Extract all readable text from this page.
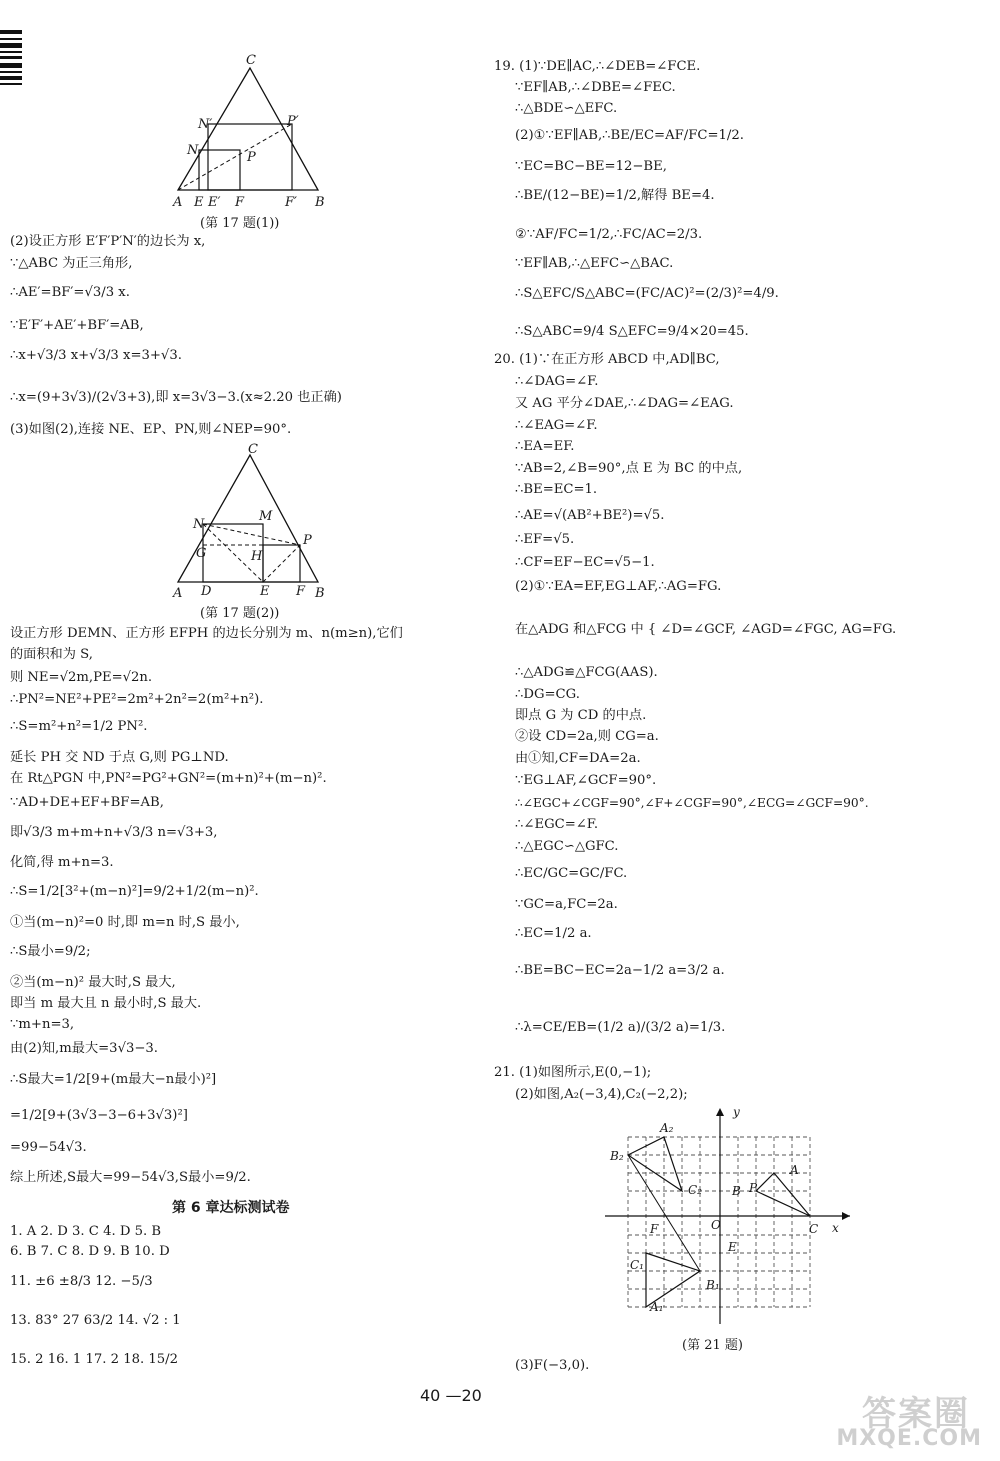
C
N′	P′
N	P
A E E′ F	F′ B
(第 17 题(1))
(2)设正方形 E′F′P′N′的边长为 x,
∵△ABC 为正三角形,
∴AE′=BF′=√3/3 x.
∵E′F′+AE′+BF′=AB,
∴x+√3/3 x+√3/3 x=3+√3.
∴x=(9+3√3)/(2√3+3),即 x=3√3−3.(x≈2.20 也正确)
(3)如图(2),连接 NE、EP、PN,则∠NEP=90°.
C
M
N
G	H
P
A D	E F B
(第 17 题(2))
设正方形 DEMN、正方形 EFPH 的边长分别为 m、n(m≥n),它们
的面积和为 S,
则 NE=√2m,PE=√2n.
∴PN²=NE²+PE²=2m²+2n²=2(m²+n²).
∴S=m²+n²=1/2 PN².
延长 PH 交 ND 于点 G,则 PG⊥ND.
在 Rt△PGN 中,PN²=PG²+GN²=(m+n)²+(m−n)².
∵AD+DE+EF+BF=AB,
即√3/3 m+m+n+√3/3 n=√3+3,
化简,得 m+n=3.
∴S=1/2[3²+(m−n)²]=9/2+1/2(m−n)².
①当(m−n)²=0 时,即 m=n 时,S 最小,
∴S最小=9/2;
②当(m−n)² 最大时,S 最大,
即当 m 最大且 n 最小时,S 最大.
∵m+n=3,
由(2)知,m最大=3√3−3.
∴S最大=1/2[9+(m最大−n最小)²]
=1/2[9+(3√3−3−6+3√3)²]
=99−54√3.
综上所述,S最大=99−54√3,S最小=9/2.
第 6 章达标测试卷
1. A 2. D 3. C 4. D 5. B
6. B 7. C 8. D 9. B 10. D
11. ±6 ±8/3 12. −5/3
13. 83° 27 63/2 14. √2 : 1
15. 2 16. 1 17. 2 18. 15/2
19. (1)∵DE∥AC,∴∠DEB=∠FCE.
∵EF∥AB,∴∠DBE=∠FEC.
∴△BDE∽△EFC.
(2)①∵EF∥AB,∴BE/EC=AF/FC=1/2.
∵EC=BC−BE=12−BE,
∴BE/(12−BE)=1/2,解得 BE=4.
②∵AF/FC=1/2,∴FC/AC=2/3.
∵EF∥AB,∴△EFC∽△BAC.
∴S△EFC/S△ABC=(FC/AC)²=(2/3)²=4/9.
∴S△ABC=9/4 S△EFC=9/4×20=45.
20. (1)∵在正方形 ABCD 中,AD∥BC,
∴∠DAG=∠F.
又 AG 平分∠DAE,∴∠DAG=∠EAG.
∴∠EAG=∠F.
∴EA=EF.
∵AB=2,∠B=90°,点 E 为 BC 的中点,
∴BE=EC=1.
∴AE=√(AB²+BE²)=√5.
∴EF=√5.
∴CF=EF−EC=√5−1.
(2)①∵EA=EF,EG⊥AF,∴AG=FG.
在△ADG 和△FCG 中 { ∠D=∠GCF, ∠AGD=∠FGC, AG=FG.
∴△ADG≌△FCG(AAS).
∴DG=CG.
即点 G 为 CD 的中点.
②设 CD=2a,则 CG=a.
由①知,CF=DA=2a.
∵EG⊥AF,∠GCF=90°.
∴∠EGC+∠CGF=90°,∠F+∠CGF=90°,∠ECG=∠GCF=90°.
∴∠EGC=∠F.
∴△EGC∽△GFC.
∴EC/GC=GC/FC.
∵GC=a,FC=2a.
∴EC=1/2 a.
∴BE=BC−EC=2a−1/2 a=3/2 a.
∴λ=CE/EB=(1/2 a)/(3/2 a)=1/3.
21. (1)如图所示,E(0,−1);
(2)如图,A₂(−3,4),C₂(−2,2);
y
x
O
A₂
B₂
C₂
A
B P
C
F
E
C₁
B₁
A₁
(第 21 题)
(3)F(−3,0).
40 —20	答案圈
MXQE.COM
